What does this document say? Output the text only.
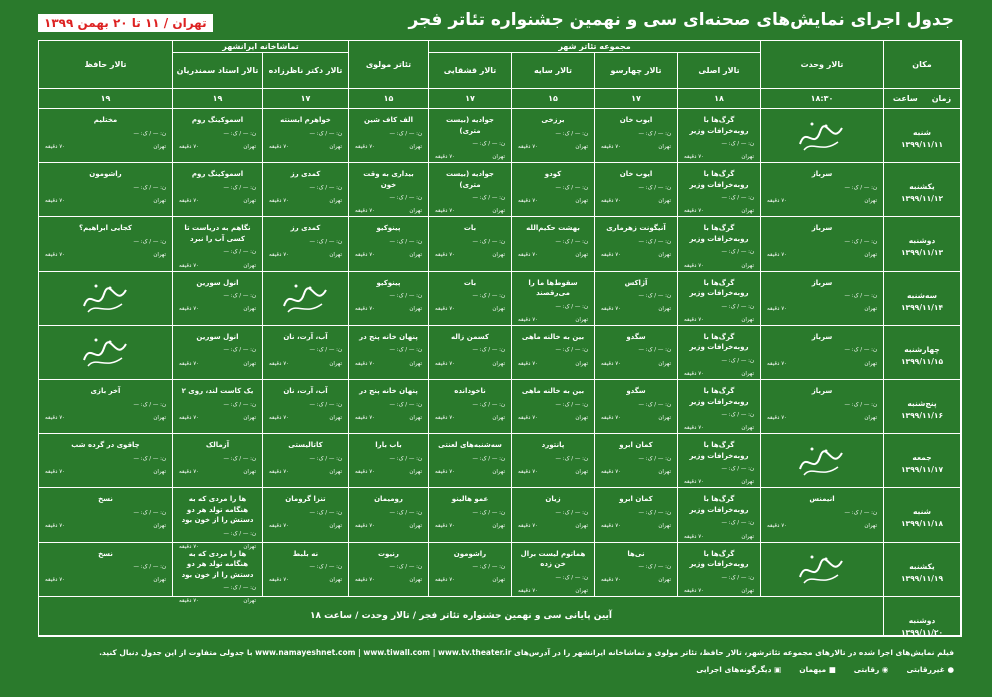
جدول اجرای نمایش‌های صحنه‌ای سی و نهمین جشنواره تئاتر فجر
تهران / ۱۱ تا ۲۰ بهمن ۱۳۹۹
مکان
تالار وحدت
مجموعه تئاتر شهر
تئاتر مولوی
تماشاخانه ایرانشهر
تالار حافظ
تالار اصلی
تالار چهارسو
تالار سایه
تالار قشقایی
تالار دکتر ناظرزاده
تالار استاد سمندریان
زمان
ساعت
۱۸:۳۰
۱۸
۱۷
۱۵
۱۷
۱۵
۱۷
۱۹
۱۹
شنبه
۱۳۹۹/۱۱/۱۱
گرگ‌ها با روبه‌خرافات وزیر
ن: — / ک: —
تهران
۷۰ دقیقه
ایوب خان
ن: — / ک: —
تهران
۷۰ دقیقه
برزخی
ن: — / ک: —
تهران
۷۰ دقیقه
جوادیه (بیست متری)
ن: — / ک: —
تهران
۷۰ دقیقه
الف کاف شین
ن: — / ک: —
تهران
۷۰ دقیقه
خواهرم ابسنته
ن: — / ک: —
تهران
۷۰ دقیقه
اسموکینگ روم
ن: — / ک: —
تهران
۷۰ دقیقه
مختلیم
ن: — / ک: —
تهران
۷۰ دقیقه
یکشنبه
۱۳۹۹/۱۱/۱۲
سرباز
ن: — / ک: —
تهران
۷۰ دقیقه
گرگ‌ها با روبه‌خرافات وزیر
ن: — / ک: —
تهران
۷۰ دقیقه
ایوب خان
ن: — / ک: —
تهران
۷۰ دقیقه
کودو
ن: — / ک: —
تهران
۷۰ دقیقه
جوادیه (بیست متری)
ن: — / ک: —
تهران
۷۰ دقیقه
بیداری به وقت خون
ن: — / ک: —
تهران
۷۰ دقیقه
کمدی رز
ن: — / ک: —
تهران
۷۰ دقیقه
اسموکینگ روم
ن: — / ک: —
تهران
۷۰ دقیقه
راشومون
ن: — / ک: —
تهران
۷۰ دقیقه
دوشنبه
۱۳۹۹/۱۱/۱۳
سرباز
ن: — / ک: —
تهران
۷۰ دقیقه
گرگ‌ها با روبه‌خرافات وزیر
ن: — / ک: —
تهران
۷۰ دقیقه
آنیگونت زهرماری
ن: — / ک: —
تهران
۷۰ دقیقه
بهشت حکیم‌الله
ن: — / ک: —
تهران
۷۰ دقیقه
بات
ن: — / ک: —
تهران
۷۰ دقیقه
پینوکیو
ن: — / ک: —
تهران
۷۰ دقیقه
کمدی رز
ن: — / ک: —
تهران
۷۰ دقیقه
نگاهم به دریاست تا کسی آب را نبرد
ن: — / ک: —
تهران
۷۰ دقیقه
کجایی ابراهیم؟
ن: — / ک: —
تهران
۷۰ دقیقه
سه‌شنبه
۱۳۹۹/۱۱/۱۴
سرباز
ن: — / ک: —
تهران
۷۰ دقیقه
گرگ‌ها با روبه‌خرافات وزیر
ن: — / ک: —
تهران
۷۰ دقیقه
آژاکس
ن: — / ک: —
تهران
۷۰ دقیقه
سقوط‌ها ما را می‌رقصند
ن: — / ک: —
تهران
۷۰ دقیقه
بات
ن: — / ک: —
تهران
۷۰ دقیقه
پینوکیو
ن: — / ک: —
تهران
۷۰ دقیقه
انول سورین
ن: — / ک: —
تهران
۷۰ دقیقه
چهارشنبه
۱۳۹۹/۱۱/۱۵
سرباز
ن: — / ک: —
تهران
۷۰ دقیقه
گرگ‌ها با روبه‌خرافات وزیر
ن: — / ک: —
تهران
۷۰ دقیقه
سگدو
ن: — / ک: —
تهران
۷۰ دقیقه
بین به خالنه ماهی
ن: — / ک: —
تهران
۷۰ دقیقه
کسمن زاله
ن: — / ک: —
تهران
۷۰ دقیقه
پنهان خانه پنج در
ن: — / ک: —
تهران
۷۰ دقیقه
آب، آرت، نان
ن: — / ک: —
تهران
۷۰ دقیقه
انول سورین
ن: — / ک: —
تهران
۷۰ دقیقه
پنج‌شنبه
۱۳۹۹/۱۱/۱۶
سرباز
ن: — / ک: —
تهران
۷۰ دقیقه
گرگ‌ها با روبه‌خرافات وزیر
ن: — / ک: —
تهران
۷۰ دقیقه
سگدو
ن: — / ک: —
تهران
۷۰ دقیقه
بین به خالنه ماهی
ن: — / ک: —
تهران
۷۰ دقیقه
ناخودانده
ن: — / ک: —
تهران
۷۰ دقیقه
پنهان خانه پنج در
ن: — / ک: —
تهران
۷۰ دقیقه
آب، آرت، نان
ن: — / ک: —
تهران
۷۰ دقیقه
یک کاست لند، روی ۲
ن: — / ک: —
تهران
۷۰ دقیقه
آخر بازی
ن: — / ک: —
تهران
۷۰ دقیقه
جمعه
۱۳۹۹/۱۱/۱۷
گرگ‌ها با روبه‌خرافات وزیر
ن: — / ک: —
تهران
۷۰ دقیقه
کمان ابرو
ن: — / ک: —
تهران
۷۰ دقیقه
پانتورد
ن: — / ک: —
تهران
۷۰ دقیقه
سه‌شنبه‌های لعنتی
ن: — / ک: —
تهران
۷۰ دقیقه
باب بارا
ن: — / ک: —
تهران
۷۰ دقیقه
کاتالیستی
ن: — / ک: —
تهران
۷۰ دقیقه
آزمالک
ن: — / ک: —
تهران
۷۰ دقیقه
چاقوی در گرده شب
ن: — / ک: —
تهران
۷۰ دقیقه
شنبه
۱۳۹۹/۱۱/۱۸
انیمنس
ن: — / ک: —
تهران
۷۰ دقیقه
گرگ‌ها با روبه‌خرافات وزیر
ن: — / ک: —
تهران
۷۰ دقیقه
کمان ابرو
ن: — / ک: —
تهران
۷۰ دقیقه
زیان
ن: — / ک: —
تهران
۷۰ دقیقه
عمو هالینو
ن: — / ک: —
تهران
۷۰ دقیقه
رومیمان
ن: — / ک: —
تهران
۷۰ دقیقه
تنزا گرومان
ن: — / ک: —
تهران
۷۰ دقیقه
ها را مردی که به هنگامه تولد هر دو دستش را از خون بود
ن: — / ک: —
تهران
۷۰ دقیقه
نسخ
ن: — / ک: —
تهران
۷۰ دقیقه
یکشنبه
۱۳۹۹/۱۱/۱۹
گرگ‌ها با روبه‌خرافات وزیر
ن: — / ک: —
تهران
۷۰ دقیقه
نی‌ها
ن: — / ک: —
تهران
۷۰ دقیقه
هماتوم لیست برال خن زده
ن: — / ک: —
تهران
۷۰ دقیقه
راشومون
ن: — / ک: —
تهران
۷۰ دقیقه
رنیوت
ن: — / ک: —
تهران
۷۰ دقیقه
نه بلبط
ن: — / ک: —
تهران
۷۰ دقیقه
ها را مردی که به هنگامه تولد هر دو دستش را از خون بود
ن: — / ک: —
تهران
۷۰ دقیقه
نسخ
ن: — / ک: —
تهران
۷۰ دقیقه
دوشنبه
۱۳۹۹/۱۱/۲۰
آیین پایانی سی و نهمین جشنواره تئاتر فجر / تالار وحدت / ساعت ۱۸
فیلم نمایش‌های اجرا شده در تالارهای مجموعه تئاترشهر، تالار حافظ، تئاتر مولوی و تماشاخانه ایرانشهر را در آدرس‌های www.namayeshnet.com | www.tiwall.com | www.tv.theater.ir با جدولی متفاوت از این جدول دنبال کنید.
● غیررقابتی
◉ رقابتی
■ میهمان
▣ دیگرگونه‌های اجرایی
